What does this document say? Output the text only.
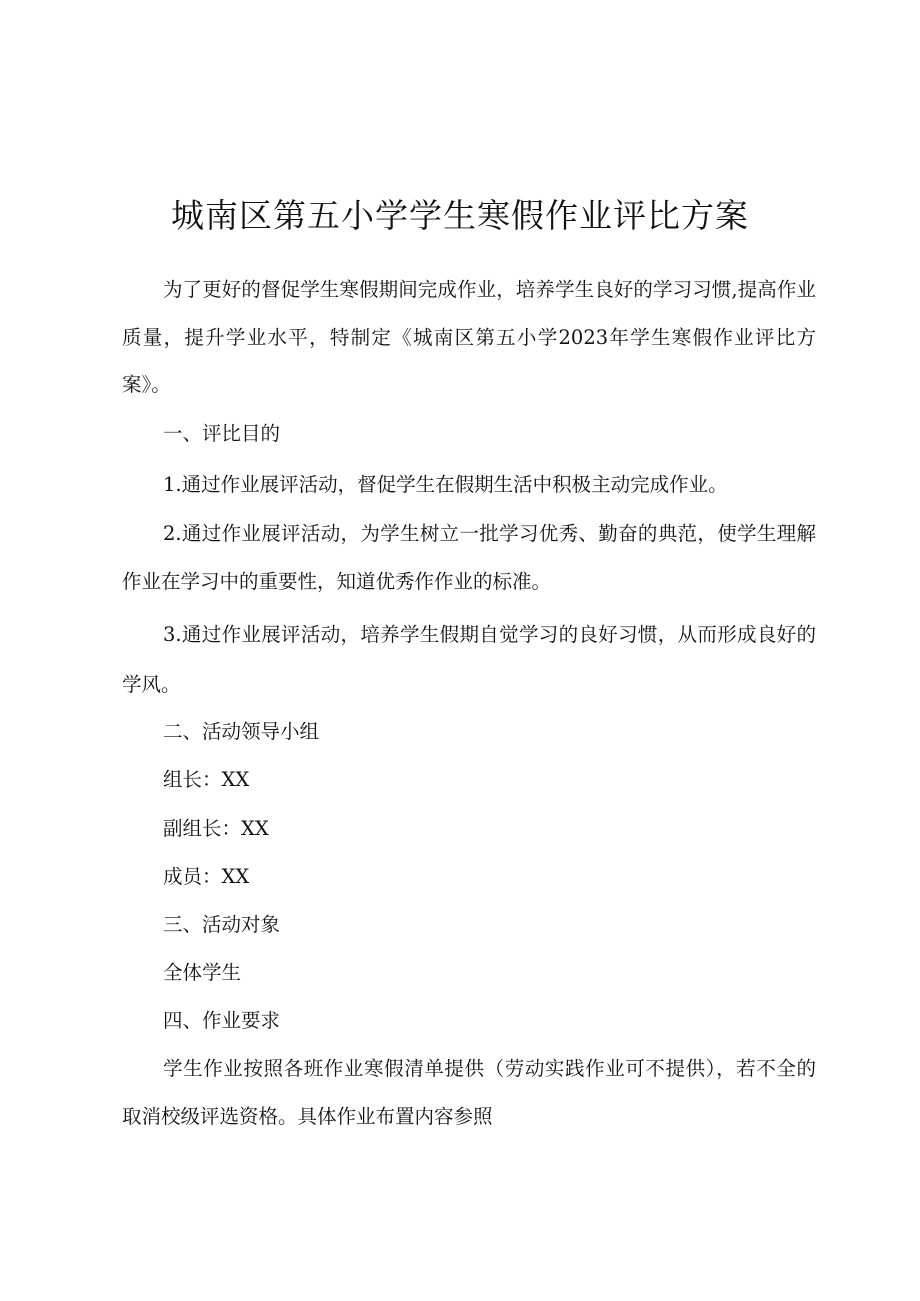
城南区第五小学学生寒假作业评比方案

为了更好的督促学生寒假期间完成作业，培养学生良好的学习习惯,提高作业质量，提升学业水平，特制定《城南区第五小学2023年学生寒假作业评比方案》。

一、评比目的

1.通过作业展评活动，督促学生在假期生活中积极主动完成作业。

2.通过作业展评活动，为学生树立一批学习优秀、勤奋的典范，使学生理解作业在学习中的重要性，知道优秀作作业的标准。

3.通过作业展评活动，培养学生假期自觉学习的良好习惯，从而形成良好的学风。

二、活动领导小组

组长：XX

副组长：XX

成员：XX

三、活动对象

全体学生

四、作业要求

学生作业按照各班作业寒假清单提供（劳动实践作业可不提供），若不全的取消校级评选资格。具体作业布置内容参照
